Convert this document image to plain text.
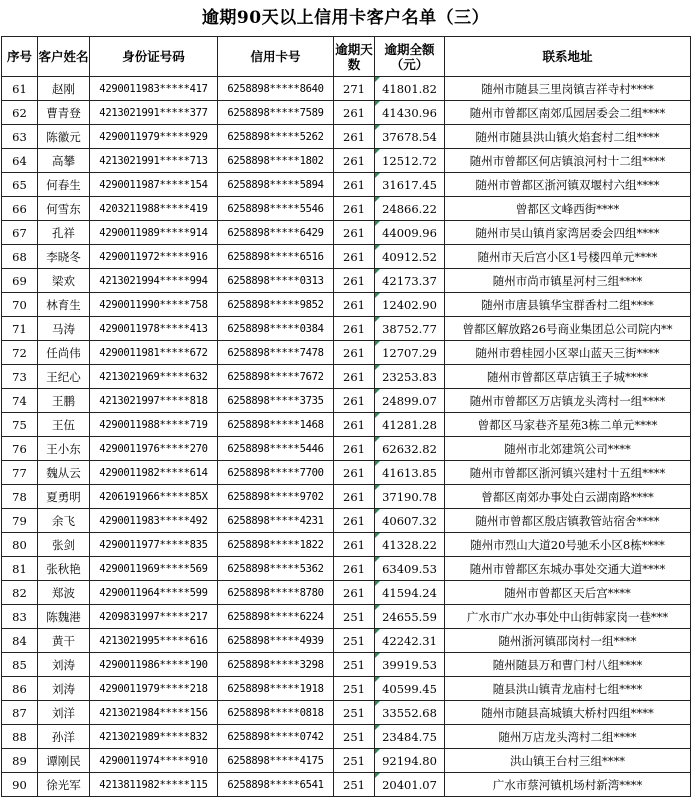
逾期90天以上信用卡客户名单（三）
序号	客户姓名	身份证号码	信用卡号	逾期天数	逾期全额（元）	联系地址
61	赵刚	4290011983*****417	6258898*****8640	271	41801.82	随州市随县三里岗镇吉祥寺村****
62	曹青登	4213021991*****377	6258898*****7589	261	41430.96	随州市曾都区南郊瓜园居委会二组****
63	陈徽元	4290011979*****929	6258898*****5262	261	37678.54	随州市随县洪山镇火焰套村二组****
64	高攀	4213021991*****713	6258898*****1802	261	12512.72	随州市曾都区何店镇浪河村十二组****
65	何春生	4290011987*****154	6258898*****5894	261	31617.45	随州市曾都区浙河镇双堰村六组****
66	何雪东	4203211988*****419	6258898*****5546	261	24866.22	曾都区文峰西街****
67	孔祥	4290011989*****914	6258898*****6429	261	44009.96	随州市吴山镇肖家湾居委会四组****
68	李晓冬	4290011972*****916	6258898*****6516	261	40912.52	随州市天后宫小区1号楼四单元****
69	梁欢	4213021994*****994	6258898*****0313	261	42173.37	随州市尚市镇星河村三组****
70	林育生	4290011990*****758	6258898*****9852	261	12402.90	随州市唐县镇华宝群香村二组****
71	马涛	4290011978*****413	6258898*****0384	261	38752.77	曾都区解放路26号商业集团总公司院内**
72	任尚伟	4290011981*****672	6258898*****7478	261	12707.29	随州市碧桂园小区翠山蓝天三街****
73	王纪心	4213021969*****632	6258898*****7672	261	23253.83	随州市曾都区草店镇王子城****
74	王鹏	4213021997*****818	6258898*****3735	261	24899.07	随州市曾都区万店镇龙头湾村一组****
75	王伍	4290011988*****719	6258898*****1468	261	41281.28	曾都区马家巷齐星苑3栋二单元****
76	王小东	4290011976*****270	6258898*****5446	261	62632.82	随州市北郊建筑公司****
77	魏从云	4290011982*****614	6258898*****7700	261	41613.85	随州市曾都区浙河镇兴建村十五组****
78	夏勇明	4206191966*****85X	6258898*****9702	261	37190.78	曾都区南郊办事处白云湖南路****
79	余飞	4290011983*****492	6258898*****4231	261	40607.32	随州市曾都区殷店镇教管站宿舍****
80	张剑	4290011977*****835	6258898*****1822	261	41328.22	随州市烈山大道20号驰禾小区8栋****
81	张秋艳	4290011969*****569	6258898*****5362	261	63409.53	随州市曾都区东城办事处交通大道****
82	郑波	4290011964*****599	6258898*****8780	261	41594.24	随州市曾都区天后宫****
83	陈魏港	4209831997*****217	6258898*****6224	251	24655.59	广水市广水办事处中山街韩家岗一巷***
84	黄干	4213021995*****616	6258898*****4939	251	42242.31	随州浙河镇邵岗村一组****
85	刘涛	4290011986*****190	6258898*****3298	251	39919.53	随州随县万和曹门村八组****
86	刘涛	4290011979*****218	6258898*****1918	251	40599.45	随县洪山镇青龙庙村七组****
87	刘洋	4213021984*****156	6258898*****0818	251	33552.68	随州市随县高城镇大桥村四组****
88	孙洋	4213021989*****832	6258898*****0742	251	23484.75	随州万店龙头湾村二组****
89	谭刚民	4290011974*****910	6258898*****4175	251	92194.80	洪山镇王台村三组****
90	徐光军	4213811982*****115	6258898*****6541	251	20401.07	广水市蔡河镇机场村新湾****
